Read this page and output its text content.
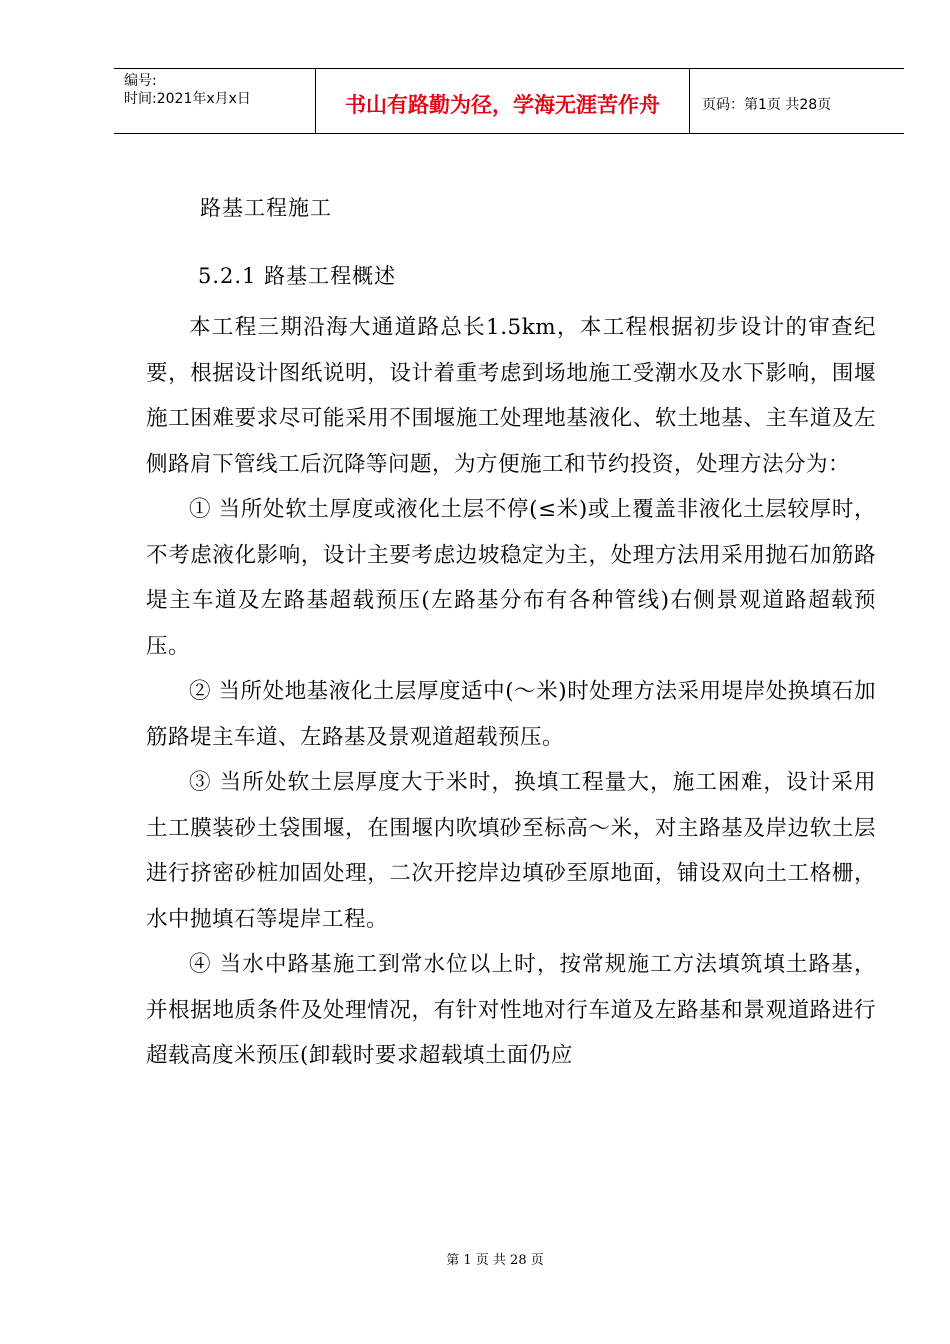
编号:
时间:2021年x月x日	书山有路勤为径，学海无涯苦作舟	页码：第1页 共28页
路基工程施工
5.2.1 路基工程概述

本工程三期沿海大通道路总长1.5km，本工程根据初步设计的审查纪要，根据设计图纸说明，设计着重考虑到场地施工受潮水及水下影响，围堰施工困难要求尽可能采用不围堰施工处理地基液化、软土地基、主车道及左侧路肩下管线工后沉降等问题，为方便施工和节约投资，处理方法分为：

① 当所处软土厚度或液化土层不停(≤米)或上覆盖非液化土层较厚时，不考虑液化影响，设计主要考虑边坡稳定为主，处理方法用采用抛石加筋路堤主车道及左路基超载预压(左路基分布有各种管线)右侧景观道路超载预压。

② 当所处地基液化土层厚度适中(～米)时处理方法采用堤岸处换填石加筋路堤主车道、左路基及景观道超载预压。

③ 当所处软土层厚度大于米时，换填工程量大，施工困难，设计采用土工膜装砂土袋围堰，在围堰内吹填砂至标高～米，对主路基及岸边软土层进行挤密砂桩加固处理，二次开挖岸边填砂至原地面，铺设双向土工格栅，水中抛填石等堤岸工程。

④ 当水中路基施工到常水位以上时，按常规施工方法填筑填土路基，并根据地质条件及处理情况，有针对性地对行车道及左路基和景观道路进行超载高度米预压(卸载时要求超载填土面仍应

第 1 页 共 28 页
